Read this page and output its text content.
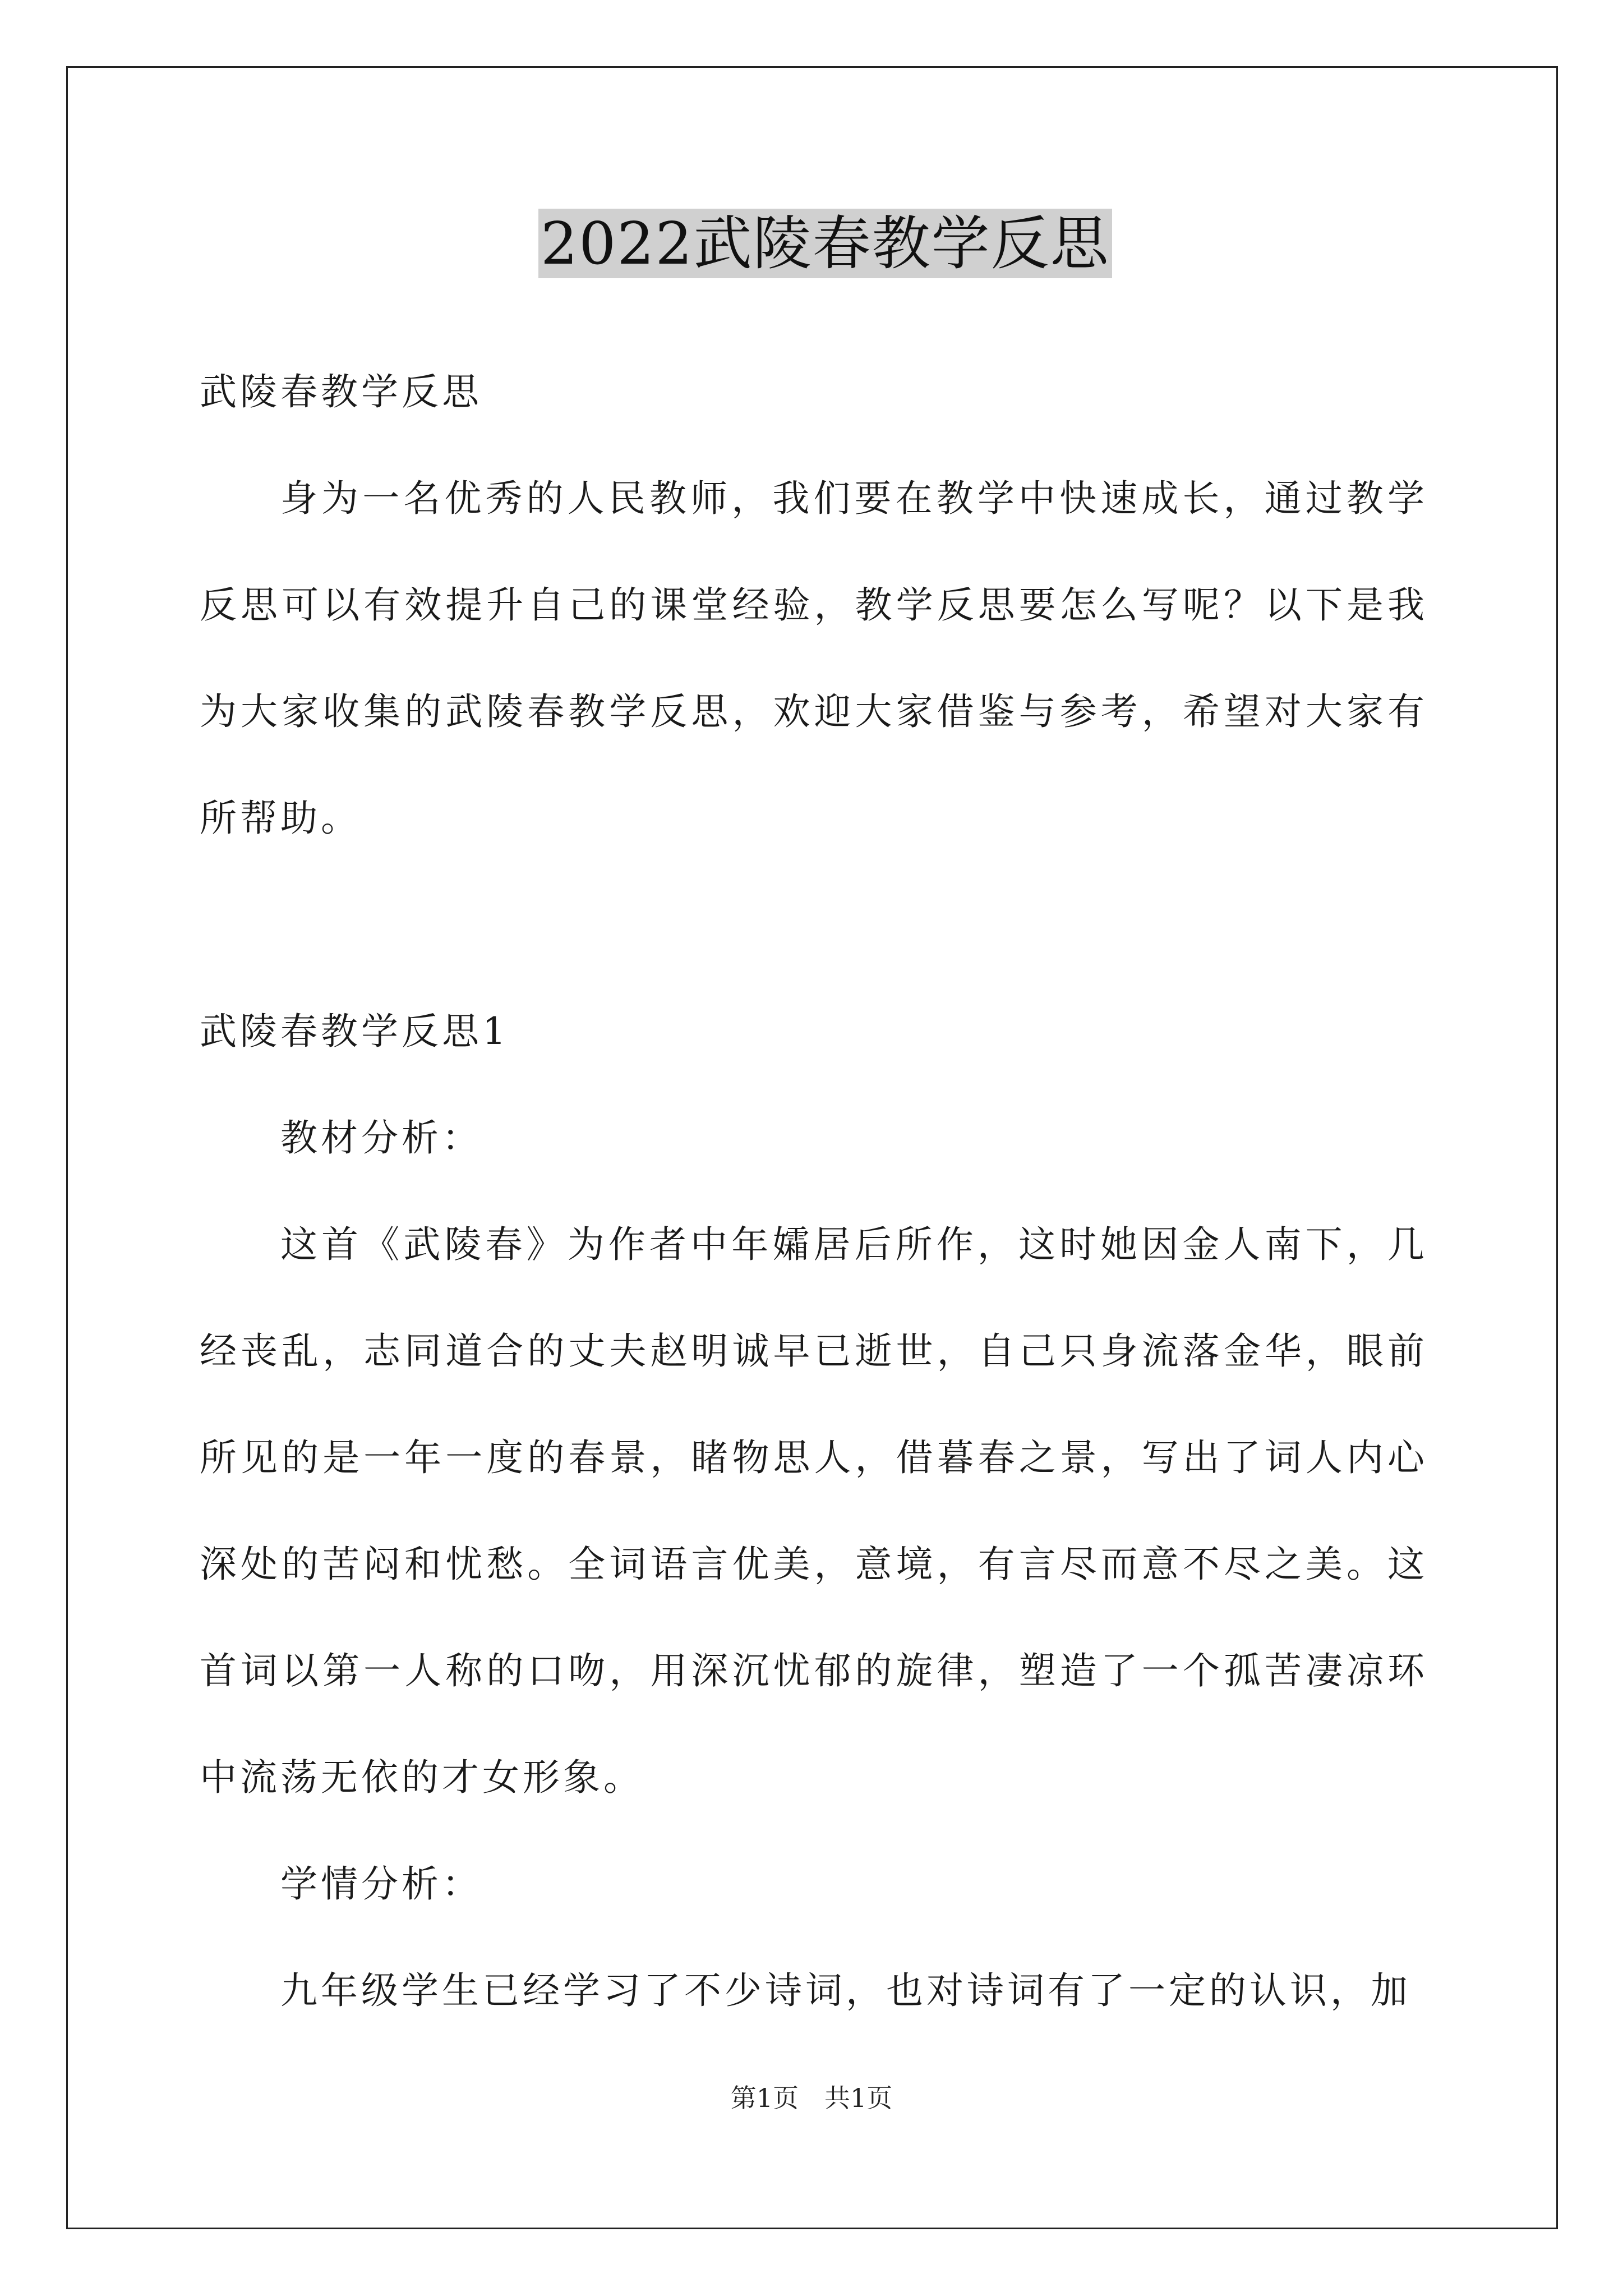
2022武陵春教学反思

武陵春教学反思

身为一名优秀的人民教师，我们要在教学中快速成长，通过教学反思可以有效提升自己的课堂经验，教学反思要怎么写呢？以下是我为大家收集的武陵春教学反思，欢迎大家借鉴与参考，希望对大家有所帮助。

武陵春教学反思1

教材分析：

这首《武陵春》为作者中年孀居后所作，这时她因金人南下，几经丧乱，志同道合的丈夫赵明诚早已逝世，自己只身流落金华，眼前所见的是一年一度的春景，睹物思人，借暮春之景，写出了词人内心深处的苦闷和忧愁。全词语言优美，意境，有言尽而意不尽之美。这首词以第一人称的口吻，用深沉忧郁的旋律，塑造了一个孤苦凄凉环中流荡无依的才女形象。

学情分析：

九年级学生已经学习了不少诗词，也对诗词有了一定的认识，加

第1页　共1页
